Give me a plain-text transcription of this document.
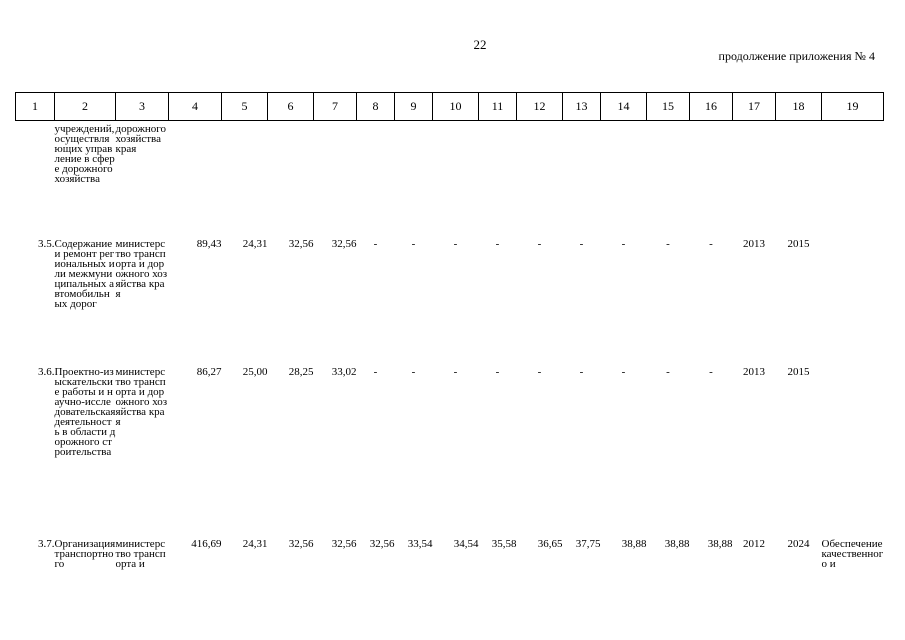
22
продолжение приложения № 4
1	2	3	4	5	6	7	8	9	10	11	12	13	14	15	16	17	18	19
	учреждений, осуществляющих управление в сфере дорожного хозяйства	дорожного хозяйства края																
3.5.	Содержание и ремонт региональных или межмуниципальных автомобильных дорог	министерство транспорта и дорожного хозяйства края	89,43	24,31	32,56	32,56	-	-	-	-	-	-	-	-	-	2013	2015	
3.6.	Проектно-изыскательские работы и научно-исследовательская деятельность в области дорожного строительства	министерство транспорта и дорожного хозяйства края	86,27	25,00	28,25	33,02	-	-	-	-	-	-	-	-	-	2013	2015	
3.7.	Организация транспортного	министерство транспорта и	416,69	24,31	32,56	32,56	32,56	33,54	34,54	35,58	36,65	37,75	38,88	38,88	38,88	2012	2024	Обеспечение качественного и
